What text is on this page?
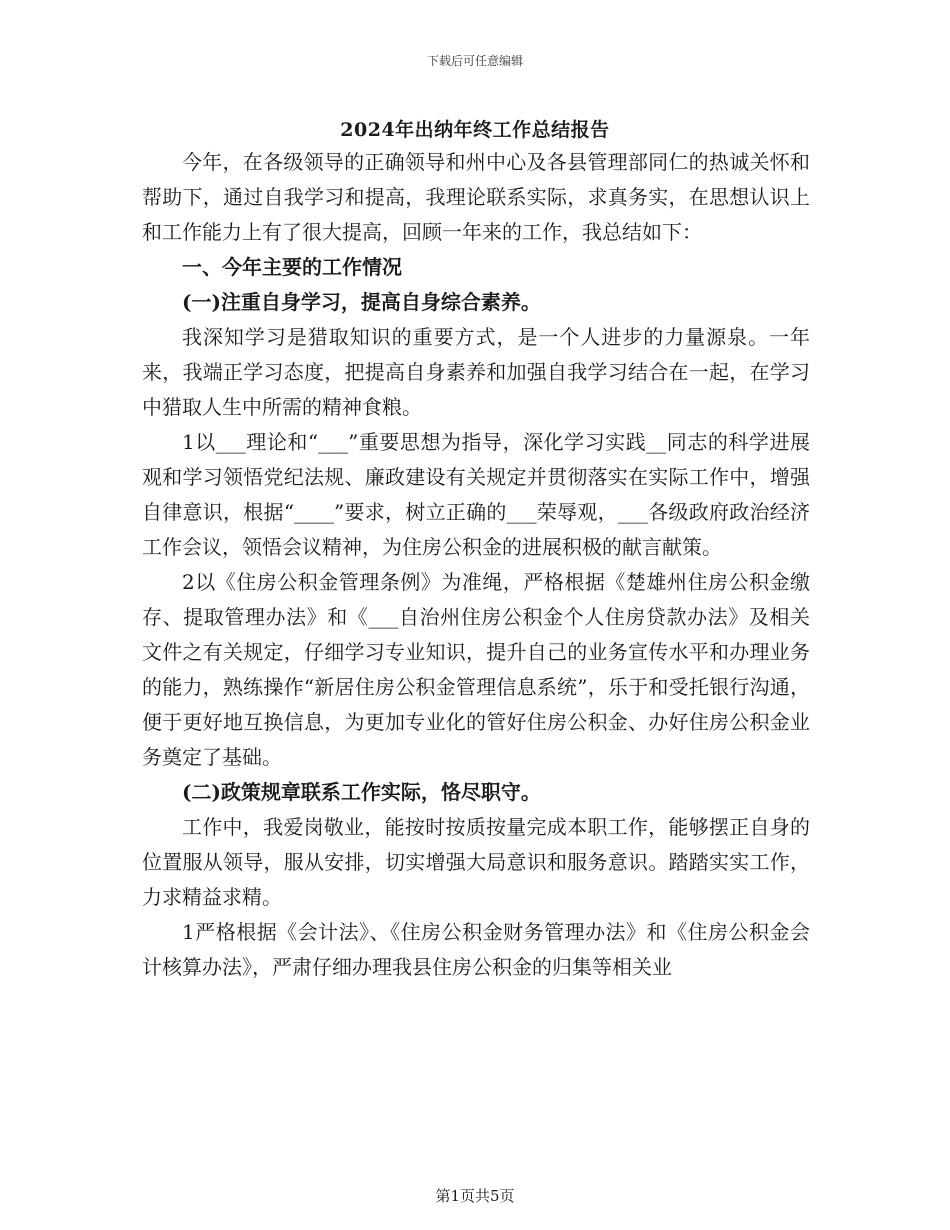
下载后可任意编辑
2024年出纳年终工作总结报告

今年，在各级领导的正确领导和州中心及各县管理部同仁的热诚关怀和帮助下，通过自我学习和提高，我理论联系实际，求真务实，在思想认识上和工作能力上有了很大提高，回顾一年来的工作，我总结如下：

一、今年主要的工作情况

(一)注重自身学习，提高自身综合素养。

我深知学习是猎取知识的重要方式，是一个人进步的力量源泉。一年来，我端正学习态度，把提高自身素养和加强自我学习结合在一起，在学习中猎取人生中所需的精神食粮。

1以___理论和“___”重要思想为指导，深化学习实践__同志的科学进展观和学习领悟党纪法规、廉政建设有关规定并贯彻落实在实际工作中，增强自律意识，根据“____”要求，树立正确的___荣辱观，___各级政府政治经济工作会议，领悟会议精神，为住房公积金的进展积极的献言献策。

2以《住房公积金管理条例》为准绳，严格根据《楚雄州住房公积金缴存、提取管理办法》和《___自治州住房公积金个人住房贷款办法》及相关文件之有关规定，仔细学习专业知识，提升自己的业务宣传水平和办理业务的能力，熟练操作“新居住房公积金管理信息系统”，乐于和受托银行沟通，便于更好地互换信息，为更加专业化的管好住房公积金、办好住房公积金业务奠定了基础。

(二)政策规章联系工作实际，恪尽职守。

工作中，我爱岗敬业，能按时按质按量完成本职工作，能够摆正自身的位置服从领导，服从安排，切实增强大局意识和服务意识。踏踏实实工作，力求精益求精。

1严格根据《会计法》、《住房公积金财务管理办法》和《住房公积金会计核算办法》，严肃仔细办理我县住房公积金的归集等相关业

第1页共5页
